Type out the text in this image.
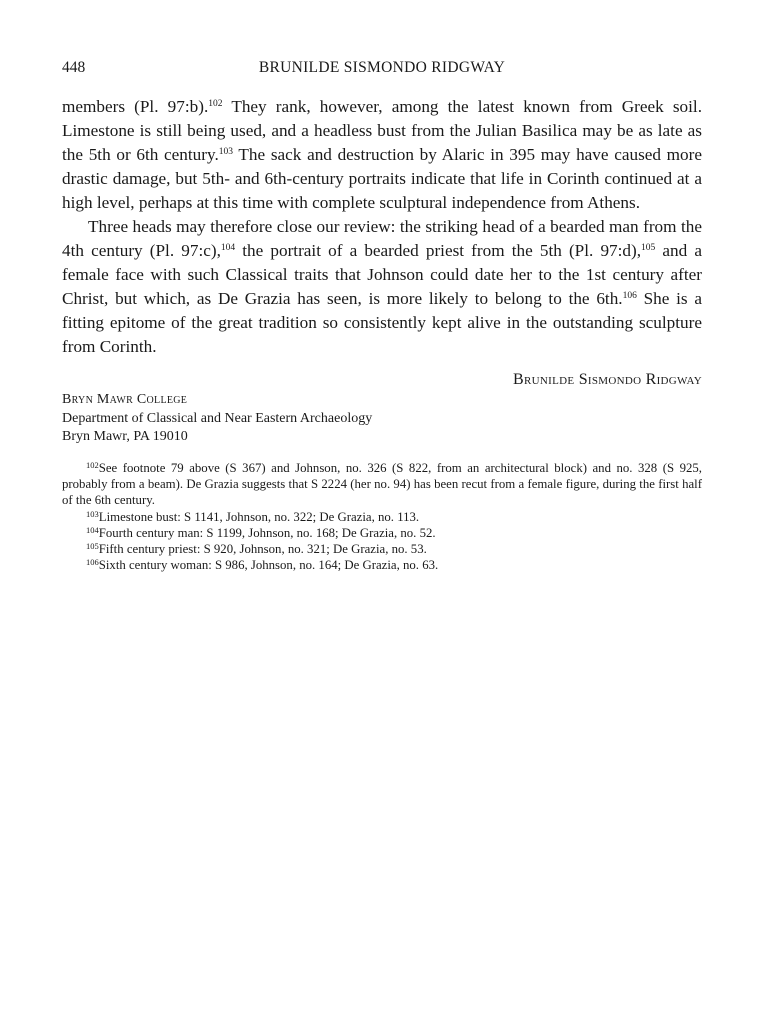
448	BRUNILDE SISMONDO RIDGWAY

members (Pl. 97:b).$^{102}$ They rank, however, among the latest known from Greek soil. Limestone is still being used, and a headless bust from the Julian Basilica may be as late as the 5th or 6th century.$^{103}$ The sack and destruction by Alaric in 395 may have caused more drastic damage, but 5th- and 6th-century portraits indicate that life in Corinth continued at a high level, perhaps at this time with complete sculptural independence from Athens.

Three heads may therefore close our review: the striking head of a bearded man from the 4th century (Pl. 97:c),$^{104}$ the portrait of a bearded priest from the 5th (Pl. 97:d),$^{105}$ and a female face with such Classical traits that Johnson could date her to the 1st century after Christ, but which, as De Grazia has seen, is more likely to belong to the 6th.$^{106}$ She is a fitting epitome of the great tradition so consistently kept alive in the outstanding sculpture from Corinth.

Brunilde Sismondo Ridgway
Bryn Mawr College
Department of Classical and Near Eastern Archaeology
Bryn Mawr, PA 19010

$^{102}$See footnote 79 above (S 367) and Johnson, no. 326 (S 822, from an architectural block) and no. 328 (S 925, probably from a beam). De Grazia suggests that S 2224 (her no. 94) has been recut from a female figure, during the first half of the 6th century.

$^{103}$Limestone bust: S 1141, Johnson, no. 322; De Grazia, no. 113.

$^{104}$Fourth century man: S 1199, Johnson, no. 168; De Grazia, no. 52.

$^{105}$Fifth century priest: S 920, Johnson, no. 321; De Grazia, no. 53.

$^{106}$Sixth century woman: S 986, Johnson, no. 164; De Grazia, no. 63.
